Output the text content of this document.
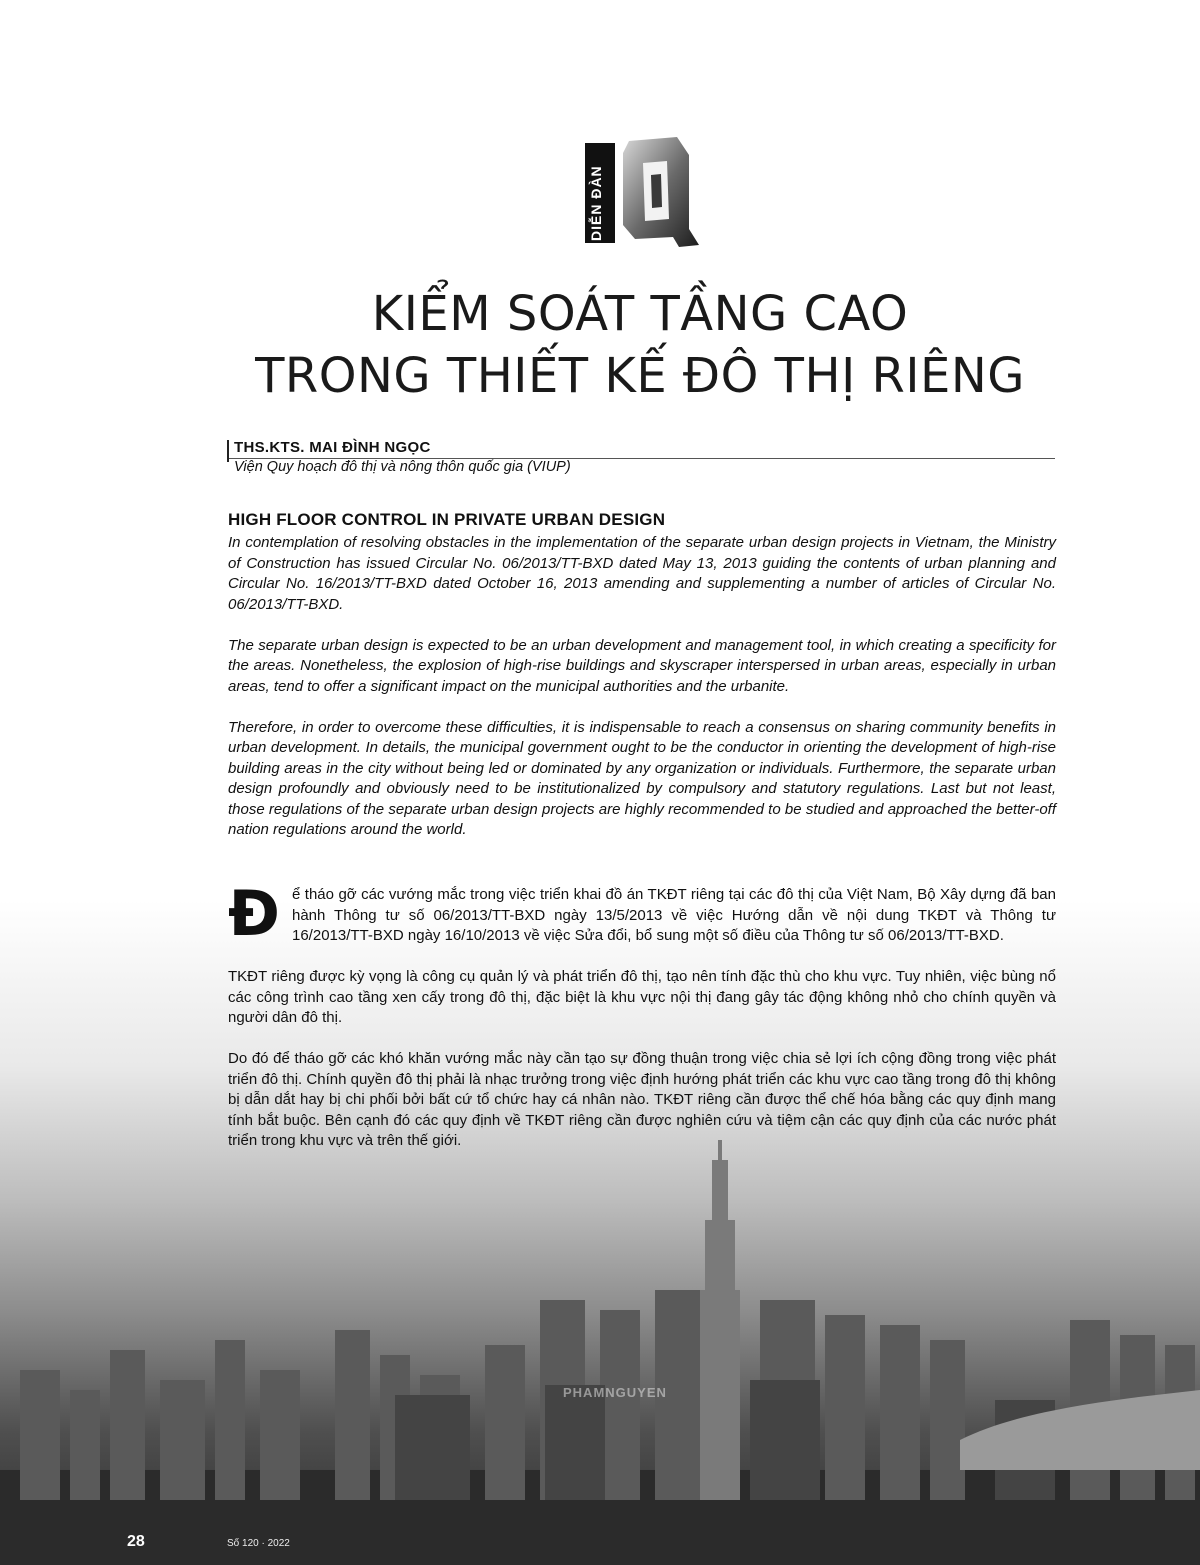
DIỄN ĐÀN
KIỂM SOÁT TẦNG CAO
TRONG THIẾT KẾ ĐÔ THỊ RIÊNG
THS.KTS. MAI ĐÌNH NGỌC
Viện Quy hoạch đô thị và nông thôn quốc gia (VIUP)
HIGH FLOOR CONTROL IN PRIVATE URBAN DESIGN

In contemplation of resolving obstacles in the implementation of the separate urban design projects in Vietnam, the Ministry of Construction has issued Circular No. 06/2013/TT-BXD dated May 13, 2013 guiding the contents of urban planning and Circular No. 16/2013/TT-BXD dated October 16, 2013 amending and supplementing a number of articles of Circular No. 06/2013/TT-BXD.

The separate urban design is expected to be an urban development and management tool, in which creating a specificity for the areas. Nonetheless, the explosion of high-rise buildings and skyscraper interspersed in urban areas, especially in urban areas, tend to offer a significant impact on the municipal authorities and the urbanite.

Therefore, in order to overcome these difficulties, it is indispensable to reach a consensus on sharing community benefits in urban development. In details, the municipal government ought to be the conductor in orienting the development of high-rise building areas in the city without being led or dominated by any organization or individuals. Furthermore, the separate urban design profoundly and obviously need to be institutionalized by compulsory and statutory regulations. Last but not least, those regulations of the separate urban design projects are highly recommended to be studied and approached the better-off nation regulations around the world.

Để tháo gỡ các vướng mắc trong việc triển khai đồ án TKĐT riêng tại các đô thị của Việt Nam, Bộ Xây dựng đã ban hành Thông tư số 06/2013/TT-BXD ngày 13/5/2013 về việc Hướng dẫn về nội dung TKĐT và Thông tư 16/2013/TT-BXD ngày 16/10/2013 về việc Sửa đổi, bổ sung một số điều của Thông tư số 06/2013/TT-BXD.

TKĐT riêng được kỳ vọng là công cụ quản lý và phát triển đô thị, tạo nên tính đặc thù cho khu vực. Tuy nhiên, việc bùng nổ các công trình cao tầng xen cấy trong đô thị, đặc biệt là khu vực nội thị đang gây tác động không nhỏ cho chính quyền và người dân đô thị.

Do đó để tháo gỡ các khó khăn vướng mắc này cần tạo sự đồng thuận trong việc chia sẻ lợi ích cộng đồng trong việc phát triển đô thị. Chính quyền đô thị phải là nhạc trưởng trong việc định hướng phát triển các khu vực cao tầng trong đô thị không bị dẫn dắt hay bị chi phối bởi bất cứ tổ chức hay cá nhân nào. TKĐT riêng cần được thể chế hóa bằng các quy định mang tính bắt buộc. Bên cạnh đó các quy định về TKĐT riêng cần được nghiên cứu và tiệm cận các quy định của các nước phát triển trong khu vực và trên thế giới.

PHAMNGUYEN
28	Số 120 · 2022
